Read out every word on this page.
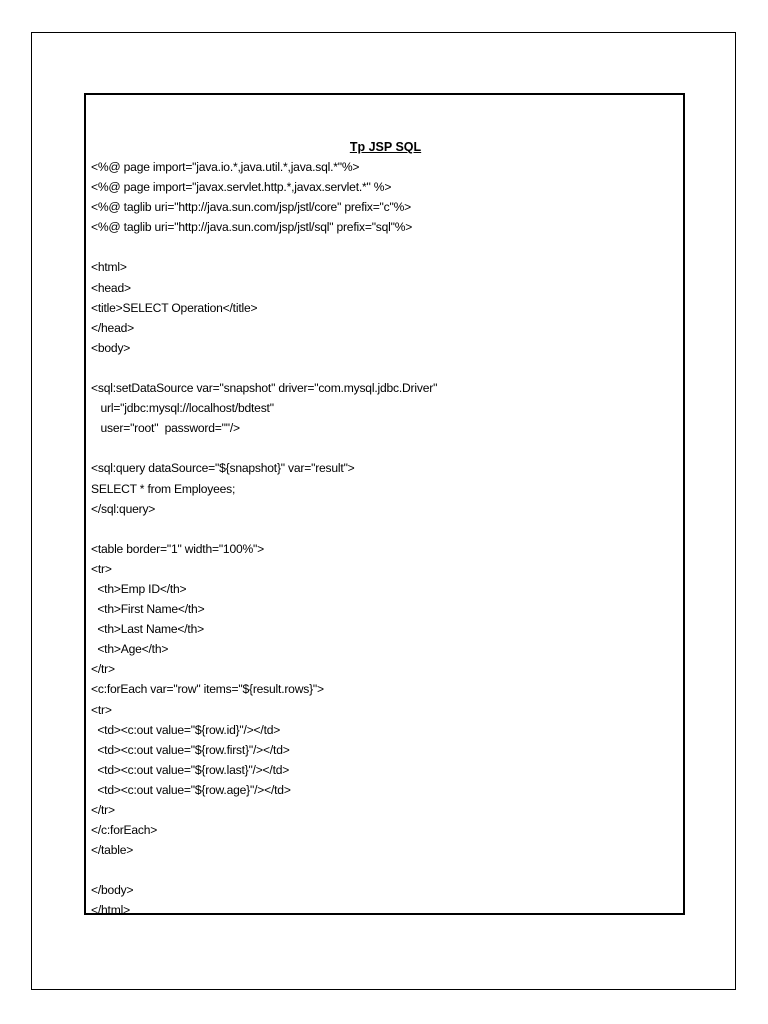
Tp JSP SQL
<%@ page import="java.io.*,java.util.*,java.sql.*"%>
<%@ page import="javax.servlet.http.*,javax.servlet.*" %>
<%@ taglib uri="http://java.sun.com/jsp/jstl/core" prefix="c"%>
<%@ taglib uri="http://java.sun.com/jsp/jstl/sql" prefix="sql"%>
<html>
<head>
<title>SELECT Operation</title>
</head>
<body>
<sql:setDataSource var="snapshot" driver="com.mysql.jdbc.Driver"
url="jdbc:mysql://localhost/bdtest"
user="root"  password=""/>
<sql:query dataSource="${snapshot}" var="result">
SELECT * from Employees;
</sql:query>
<table border="1" width="100%">
<tr>
<th>Emp ID</th>
<th>First Name</th>
<th>Last Name</th>
<th>Age</th>
</tr>
<c:forEach var="row" items="${result.rows}">
<tr>
<td><c:out value="${row.id}"/></td>
<td><c:out value="${row.first}"/></td>
<td><c:out value="${row.last}"/></td>
<td><c:out value="${row.age}"/></td>
</tr>
</c:forEach>
</table>
</body>
</html>
